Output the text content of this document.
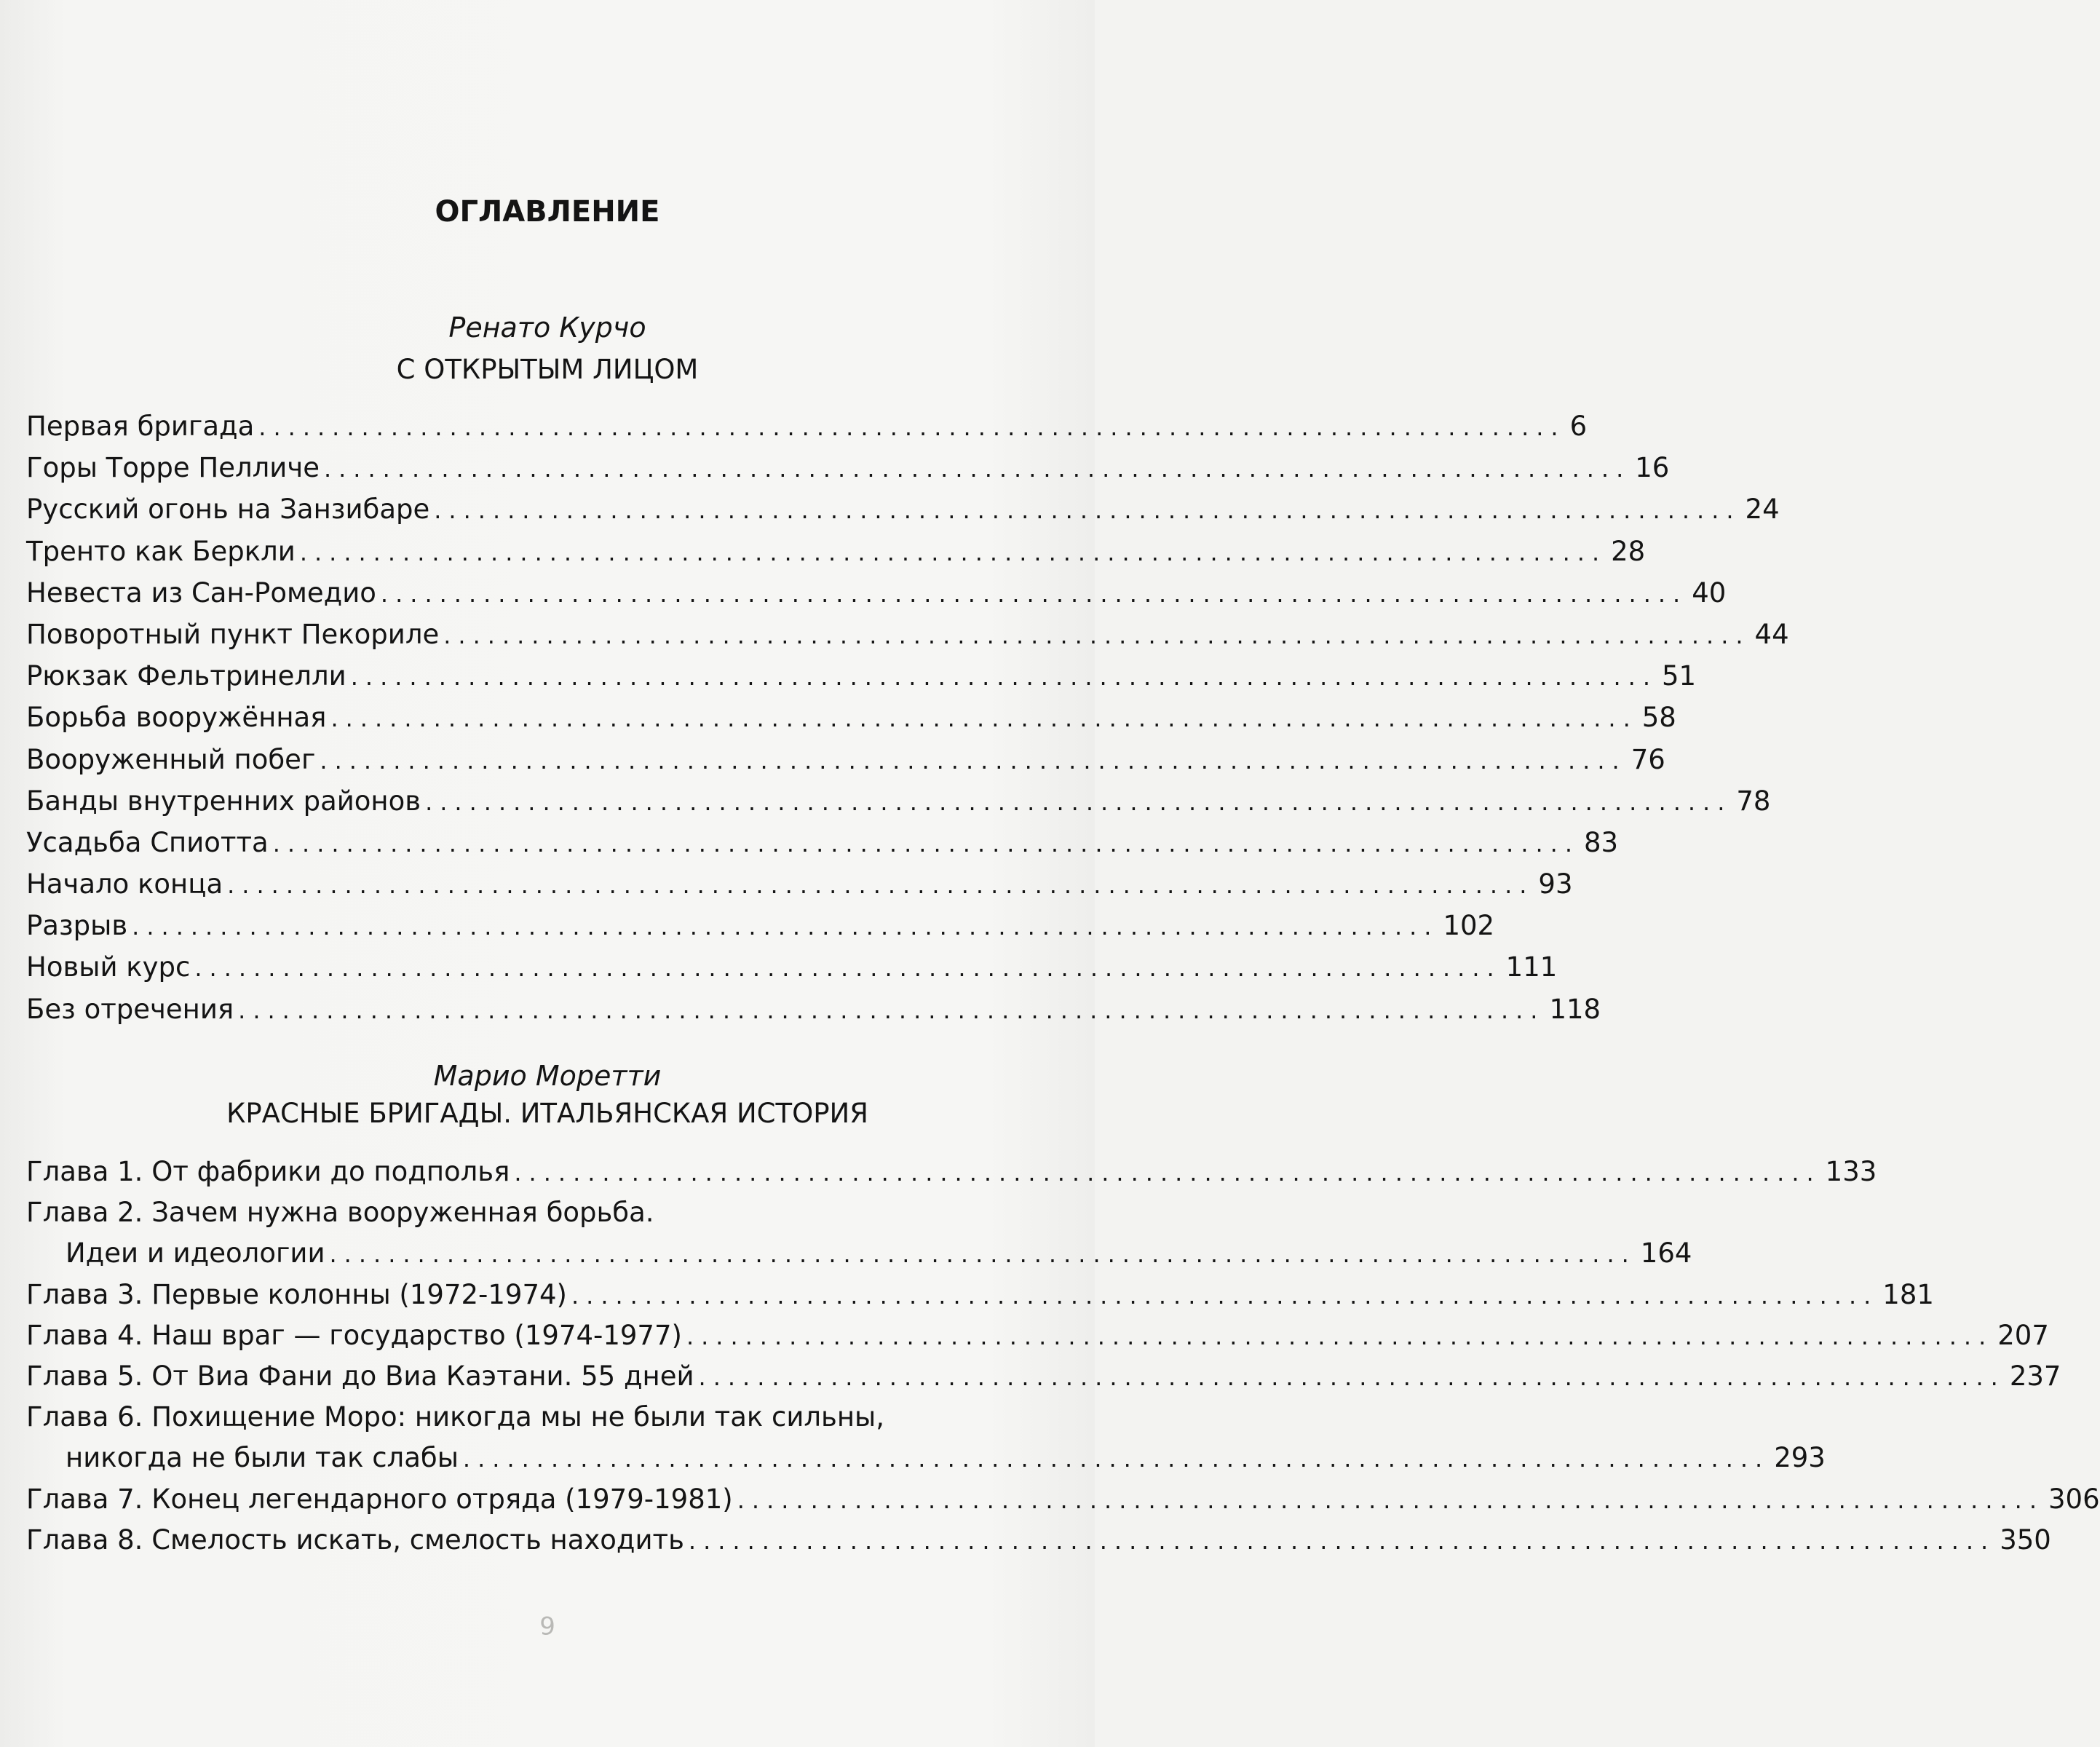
ОГЛАВЛЕНИЕ
Ренато Курчо
С ОТКРЫТЫМ ЛИЦОМ
Первая бригада ......................................................................................... 6
Горы Торре Пелличе ......................................................................................... 16
Русский огонь на Занзибаре ......................................................................................... 24
Тренто как Беркли ......................................................................................... 28
Невеста из Сан-Ромедио ......................................................................................... 40
Поворотный пункт Пекориле ......................................................................................... 44
Рюкзак Фельтринелли ......................................................................................... 51
Борьба вооружённая ......................................................................................... 58
Вооруженный побег ......................................................................................... 76
Банды внутренних районов ......................................................................................... 78
Усадьба Спиотта ......................................................................................... 83
Начало конца ......................................................................................... 93
Разрыв ......................................................................................... 102
Новый курс ......................................................................................... 111
Без отречения ......................................................................................... 118
Марио Моретти
КРАСНЫЕ БРИГАДЫ. ИТАЛЬЯНСКАЯ ИСТОРИЯ
Глава 1. От фабрики до подполья ......................................................................................... 133
Глава 2. Зачем нужна вооруженная борьба.
Идеи и идеологии ......................................................................................... 164
Глава 3. Первые колонны (1972-1974) ......................................................................................... 181
Глава 4. Наш враг — государство (1974-1977) ......................................................................................... 207
Глава 5. От Виа Фани до Виа Каэтани. 55 дней ......................................................................................... 237
Глава 6. Похищение Моро: никогда мы не были так сильны,
никогда не были так слабы ......................................................................................... 293
Глава 7. Конец легендарного отряда (1979-1981) ......................................................................................... 306
Глава 8. Смелость искать, смелость находить ......................................................................................... 350
6
